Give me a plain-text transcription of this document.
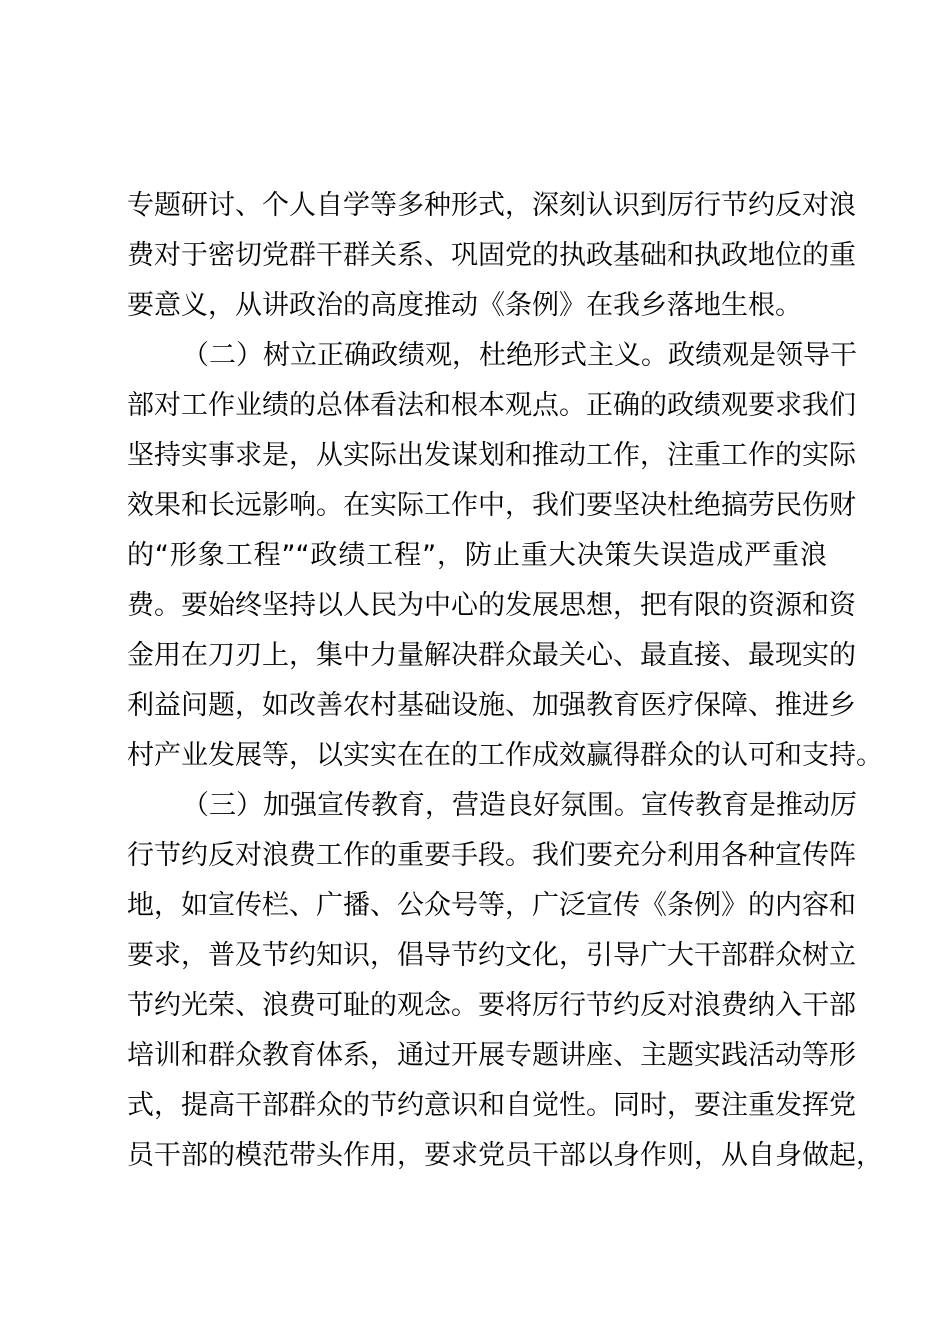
专题研讨、个人自学等多种形式，深刻认识到厉行节约反对浪
费对于密切党群干群关系、巩固党的执政基础和执政地位的重
要意义，从讲政治的高度推动《条例》在我乡落地生根。
（二）树立正确政绩观，杜绝形式主义。政绩观是领导干
部对工作业绩的总体看法和根本观点。正确的政绩观要求我们
坚持实事求是，从实际出发谋划和推动工作，注重工作的实际
效果和长远影响。在实际工作中，我们要坚决杜绝搞劳民伤财
的“形象工程”“政绩工程”，防止重大决策失误造成严重浪
费。要始终坚持以人民为中心的发展思想，把有限的资源和资
金用在刀刃上，集中力量解决群众最关心、最直接、最现实的
利益问题，如改善农村基础设施、加强教育医疗保障、推进乡
村产业发展等，以实实在在的工作成效赢得群众的认可和支持。
（三）加强宣传教育，营造良好氛围。宣传教育是推动厉
行节约反对浪费工作的重要手段。我们要充分利用各种宣传阵
地，如宣传栏、广播、公众号等，广泛宣传《条例》的内容和
要求，普及节约知识，倡导节约文化，引导广大干部群众树立
节约光荣、浪费可耻的观念。要将厉行节约反对浪费纳入干部
培训和群众教育体系，通过开展专题讲座、主题实践活动等形
式，提高干部群众的节约意识和自觉性。同时，要注重发挥党
员干部的模范带头作用，要求党员干部以身作则，从自身做起，
